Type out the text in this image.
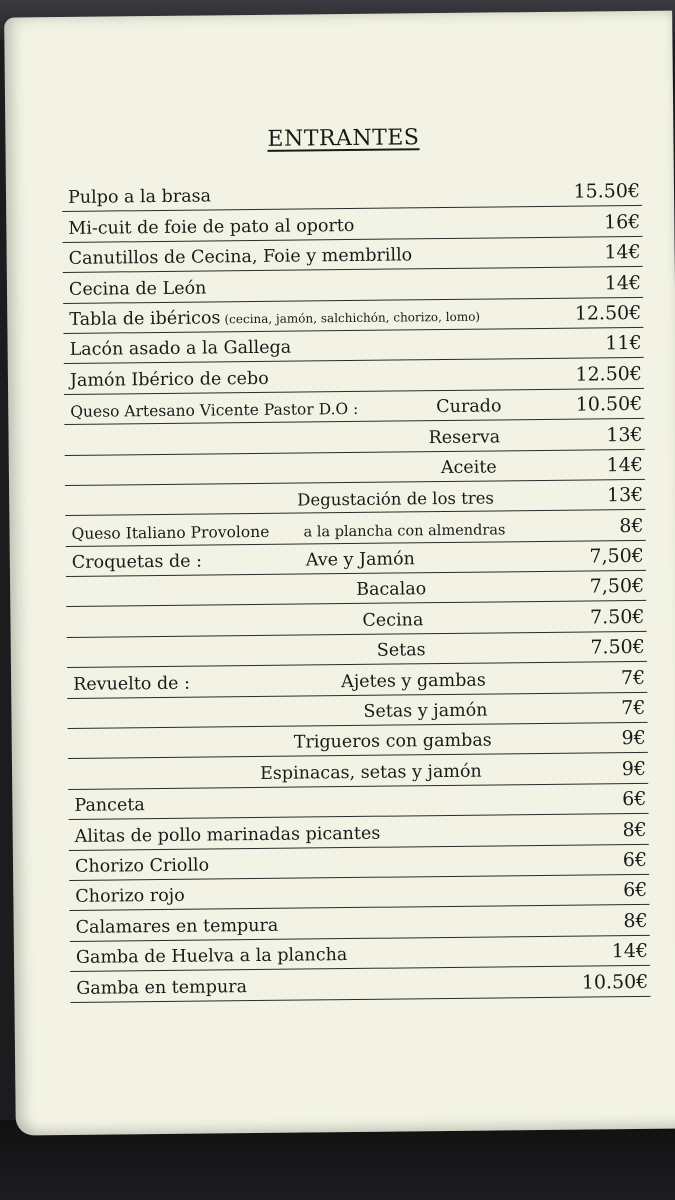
ENTRANTES
Pulpo a la brasa	15.50€
Mi-cuit de foie de pato al oporto	16€
Canutillos de Cecina, Foie y membrillo	14€
Cecina de León	14€
Tabla de ibéricos (cecina, jamón, salchichón, chorizo, lomo)	12.50€
Lacón asado a la Gallega	11€
Jamón Ibérico de cebo	12.50€
Queso Artesano Vicente Pastor D.O :	Curado	10.50€
Reserva	13€
Aceite	14€
Degustación de los tres	13€
Queso Italiano Provolone a la plancha con almendras	8€
Croquetas de :	Ave y Jamón	7,50€
Bacalao	7,50€
Cecina	7.50€
Setas	7.50€
Revuelto de :	Ajetes y gambas	7€
Setas y jamón	7€
Trigueros con gambas	9€
Espinacas, setas y jamón	9€
Panceta	6€
Alitas de pollo marinadas picantes	8€
Chorizo Criollo	6€
Chorizo rojo	6€
Calamares en tempura	8€
Gamba de Huelva a la plancha	14€
Gamba en tempura	10.50€
